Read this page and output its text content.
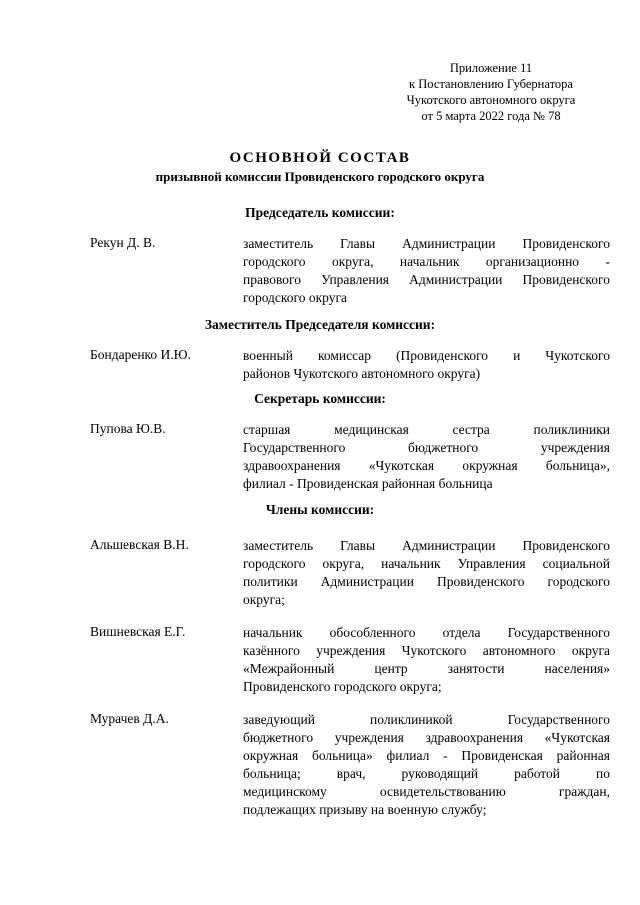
Приложение 11
к Постановлению Губернатора
Чукотского автономного округа
от 5 марта 2022 года № 78
ОСНОВНОЙ СОСТАВ
призывной комиссии Провиденского городского округа
Председатель комиссии:
Рекун Д. В.	заместитель Главы Администрации Провиденского
городского округа, начальник организационно -
правового Управления Администрации Провиденского
городского округа
Заместитель Председателя комиссии:
Бондаренко И.Ю.	военный комиссар (Провиденского и Чукотского
районов Чукотского автономного округа)
Секретарь комиссии:
Пупова Ю.В.	старшая медицинская сестра поликлиники
Государственного бюджетного учреждения
здравоохранения «Чукотская окружная больница»,
филиал - Провиденская районная больница
Члены комиссии:
Альшевская В.Н.	заместитель Главы Администрации Провиденского
городского округа, начальник Управления социальной
политики Администрации Провиденского городского
округа;
Вишневская Е.Г.	начальник обособленного отдела Государственного
казённого учреждения Чукотского автономного округа
«Межрайонный центр занятости населения»
Провиденского городского округа;
Мурачев Д.А.	заведующий поликлиникой Государственного
бюджетного учреждения здравоохранения «Чукотская
окружная больница» филиал - Провиденская районная
больница; врач, руководящий работой по
медицинскому освидетельствованию граждан,
подлежащих призыву на военную службу;
